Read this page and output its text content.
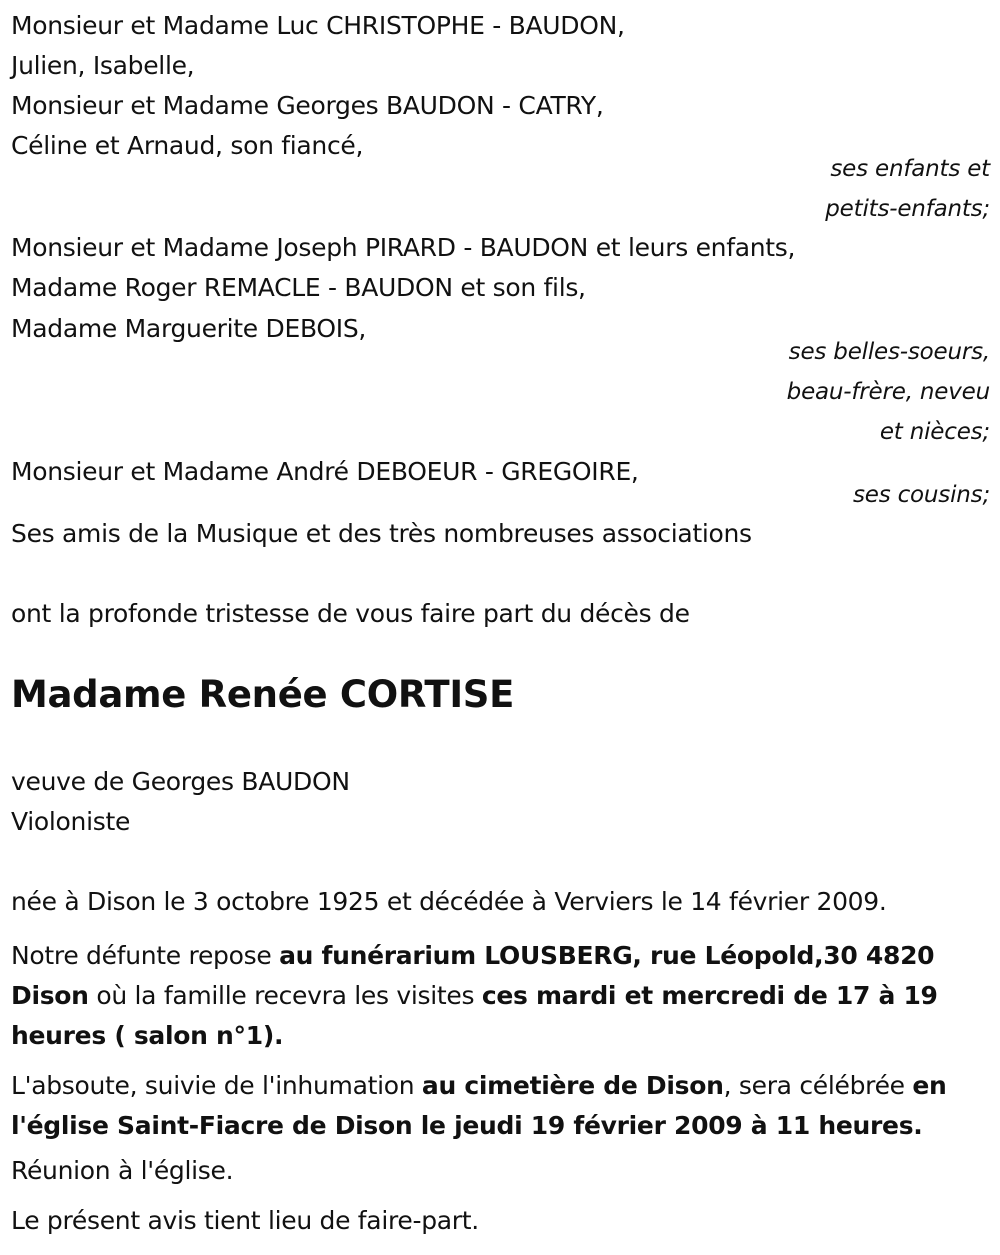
Monsieur et Madame Luc CHRISTOPHE - BAUDON,
Julien, Isabelle,
Monsieur et Madame Georges BAUDON - CATRY,
Céline et Arnaud, son fiancé,
ses enfants et
petits-enfants;
Monsieur et Madame Joseph PIRARD - BAUDON et leurs enfants,
Madame Roger REMACLE - BAUDON et son fils,
Madame Marguerite DEBOIS,
ses belles-soeurs,
beau-frère, neveu
et nièces;
Monsieur et Madame André DEBOEUR - GREGOIRE,
ses cousins;
Ses amis de la Musique et des très nombreuses associations
ont la profonde tristesse de vous faire part du décès de
Madame Renée CORTISE
veuve de Georges BAUDON
Violoniste
née à Dison le 3 octobre 1925 et décédée à Verviers le 14 février 2009.
Notre défunte repose au funérarium LOUSBERG, rue Léopold,30 4820 Dison où la famille recevra les visites ces mardi et mercredi de 17 à 19 heures ( salon n°1).
L'absoute, suivie de l'inhumation au cimetière de Dison, sera célébrée en l'église Saint-Fiacre de Dison le jeudi 19 février 2009 à 11 heures.
Réunion à l'église.
Le présent avis tient lieu de faire-part.
